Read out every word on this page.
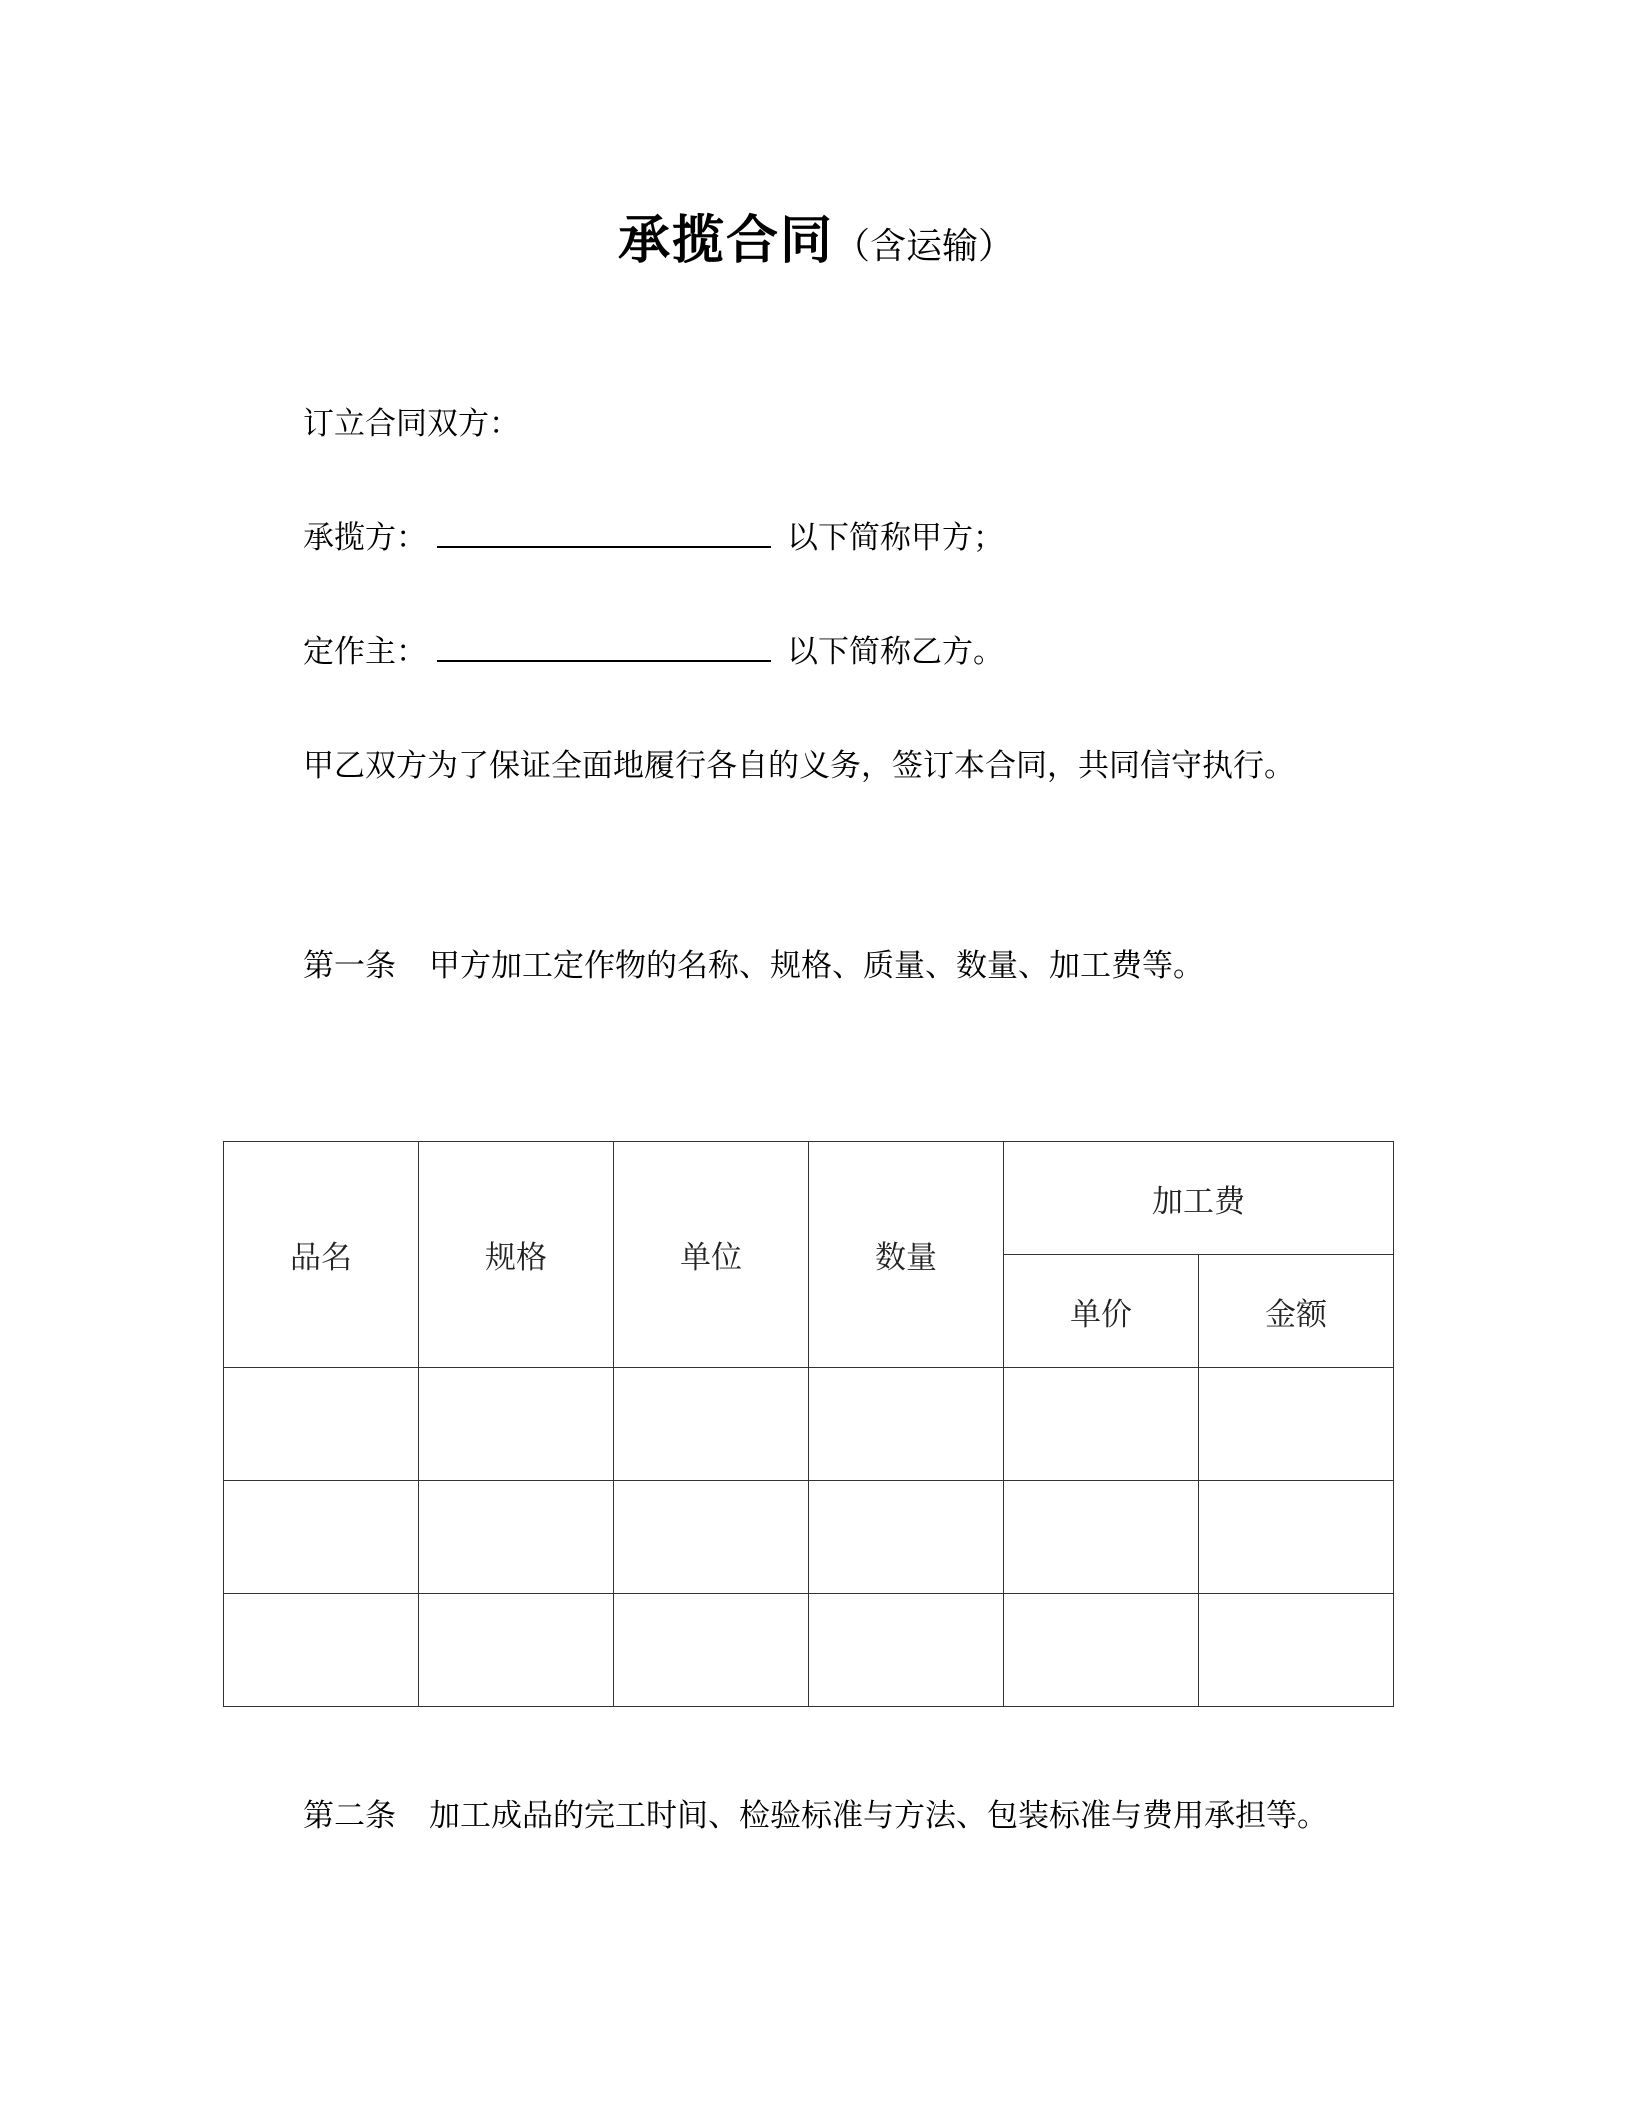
承揽合同（含运输）
订立合同双方：
承揽方：	以下简称甲方；
定作主：	以下简称乙方。
甲乙双方为了保证全面地履行各自的义务，签订本合同，共同信守执行。
第一条 甲方加工定作物的名称、规格、质量、数量、加工费等。
品名	规格	单位	数量	加工费	
				单价	金额

第二条 加工成品的完工时间、检验标准与方法、包装标准与费用承担等。
